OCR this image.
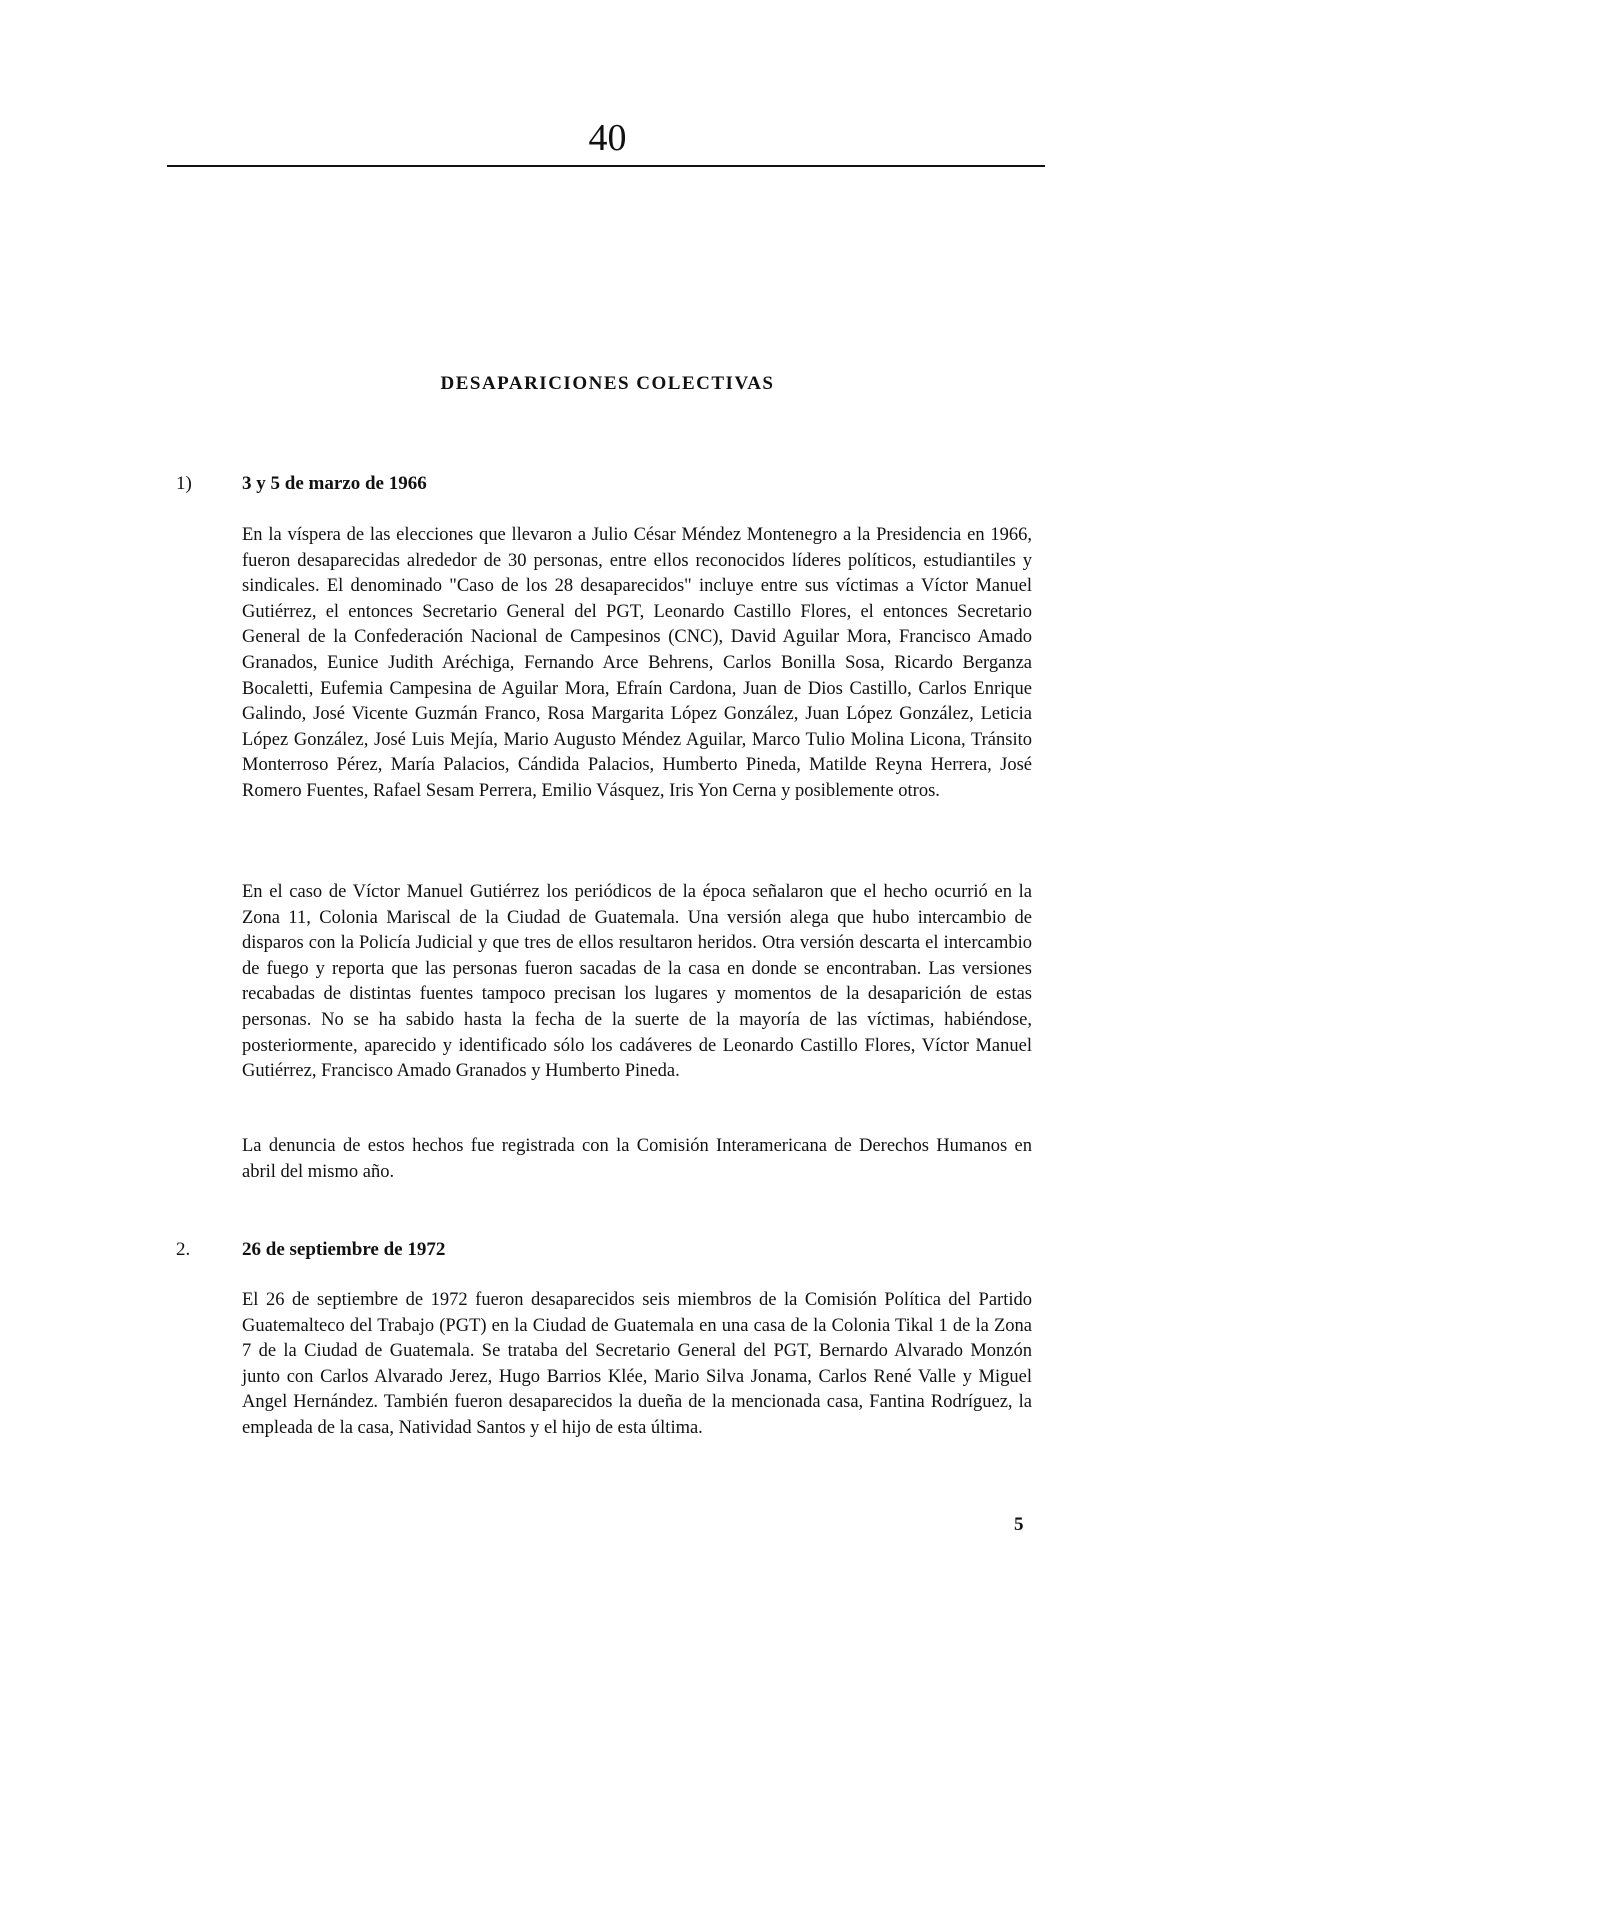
40
DESAPARICIONES COLECTIVAS
1)	3 y 5 de marzo de 1966

En la víspera de las elecciones que llevaron a Julio César Méndez Montenegro a la Presidencia en 1966, fueron desaparecidas alrededor de 30 personas, entre ellos reconocidos líderes políticos, estudiantiles y sindicales. El denominado "Caso de los 28 desaparecidos" incluye entre sus víctimas a Víctor Manuel Gutiérrez, el entonces Secretario General del PGT, Leonardo Castillo Flores, el entonces Secretario General de la Confederación Nacional de Campesinos (CNC), David Aguilar Mora, Francisco Amado Granados, Eunice Judith Aréchiga, Fernando Arce Behrens, Carlos Bonilla Sosa, Ricardo Berganza Bocaletti, Eufemia Campesina de Aguilar Mora, Efraín Cardona, Juan de Dios Castillo, Carlos Enrique Galindo, José Vicente Guzmán Franco, Rosa Margarita López González, Juan López González, Leticia López González, José Luis Mejía, Mario Augusto Méndez Aguilar, Marco Tulio Molina Licona, Tránsito Monterroso Pérez, María Palacios, Cándida Palacios, Humberto Pineda, Matilde Reyna Herrera, José Romero Fuentes, Rafael Sesam Perrera, Emilio Vásquez, Iris Yon Cerna y posiblemente otros.

En el caso de Víctor Manuel Gutiérrez los periódicos de la época señalaron que el hecho ocurrió en la Zona 11, Colonia Mariscal de la Ciudad de Guatemala. Una versión alega que hubo intercambio de disparos con la Policía Judicial y que tres de ellos resultaron heridos. Otra versión descarta el intercambio de fuego y reporta que las personas fueron sacadas de la casa en donde se encontraban. Las versiones recabadas de distintas fuentes tampoco precisan los lugares y momentos de la desaparición de estas personas. No se ha sabido hasta la fecha de la suerte de la mayoría de las víctimas, habiéndose, posteriormente, aparecido y identificado sólo los cadáveres de Leonardo Castillo Flores, Víctor Manuel Gutiérrez, Francisco Amado Granados y Humberto Pineda.

La denuncia de estos hechos fue registrada con la Comisión Interamericana de Derechos Humanos en abril del mismo año.

2.	26 de septiembre de 1972

El 26 de septiembre de 1972 fueron desaparecidos seis miembros de la Comisión Política del Partido Guatemalteco del Trabajo (PGT) en la Ciudad de Guatemala en una casa de la Colonia Tikal 1 de la Zona 7 de la Ciudad de Guatemala. Se trataba del Secretario General del PGT, Bernardo Alvarado Monzón junto con Carlos Alvarado Jerez, Hugo Barrios Klée, Mario Silva Jonama, Carlos René Valle y Miguel Angel Hernández. También fueron desaparecidos la dueña de la mencionada casa, Fantina Rodríguez, la empleada de la casa, Natividad Santos y el hijo de esta última.

5
